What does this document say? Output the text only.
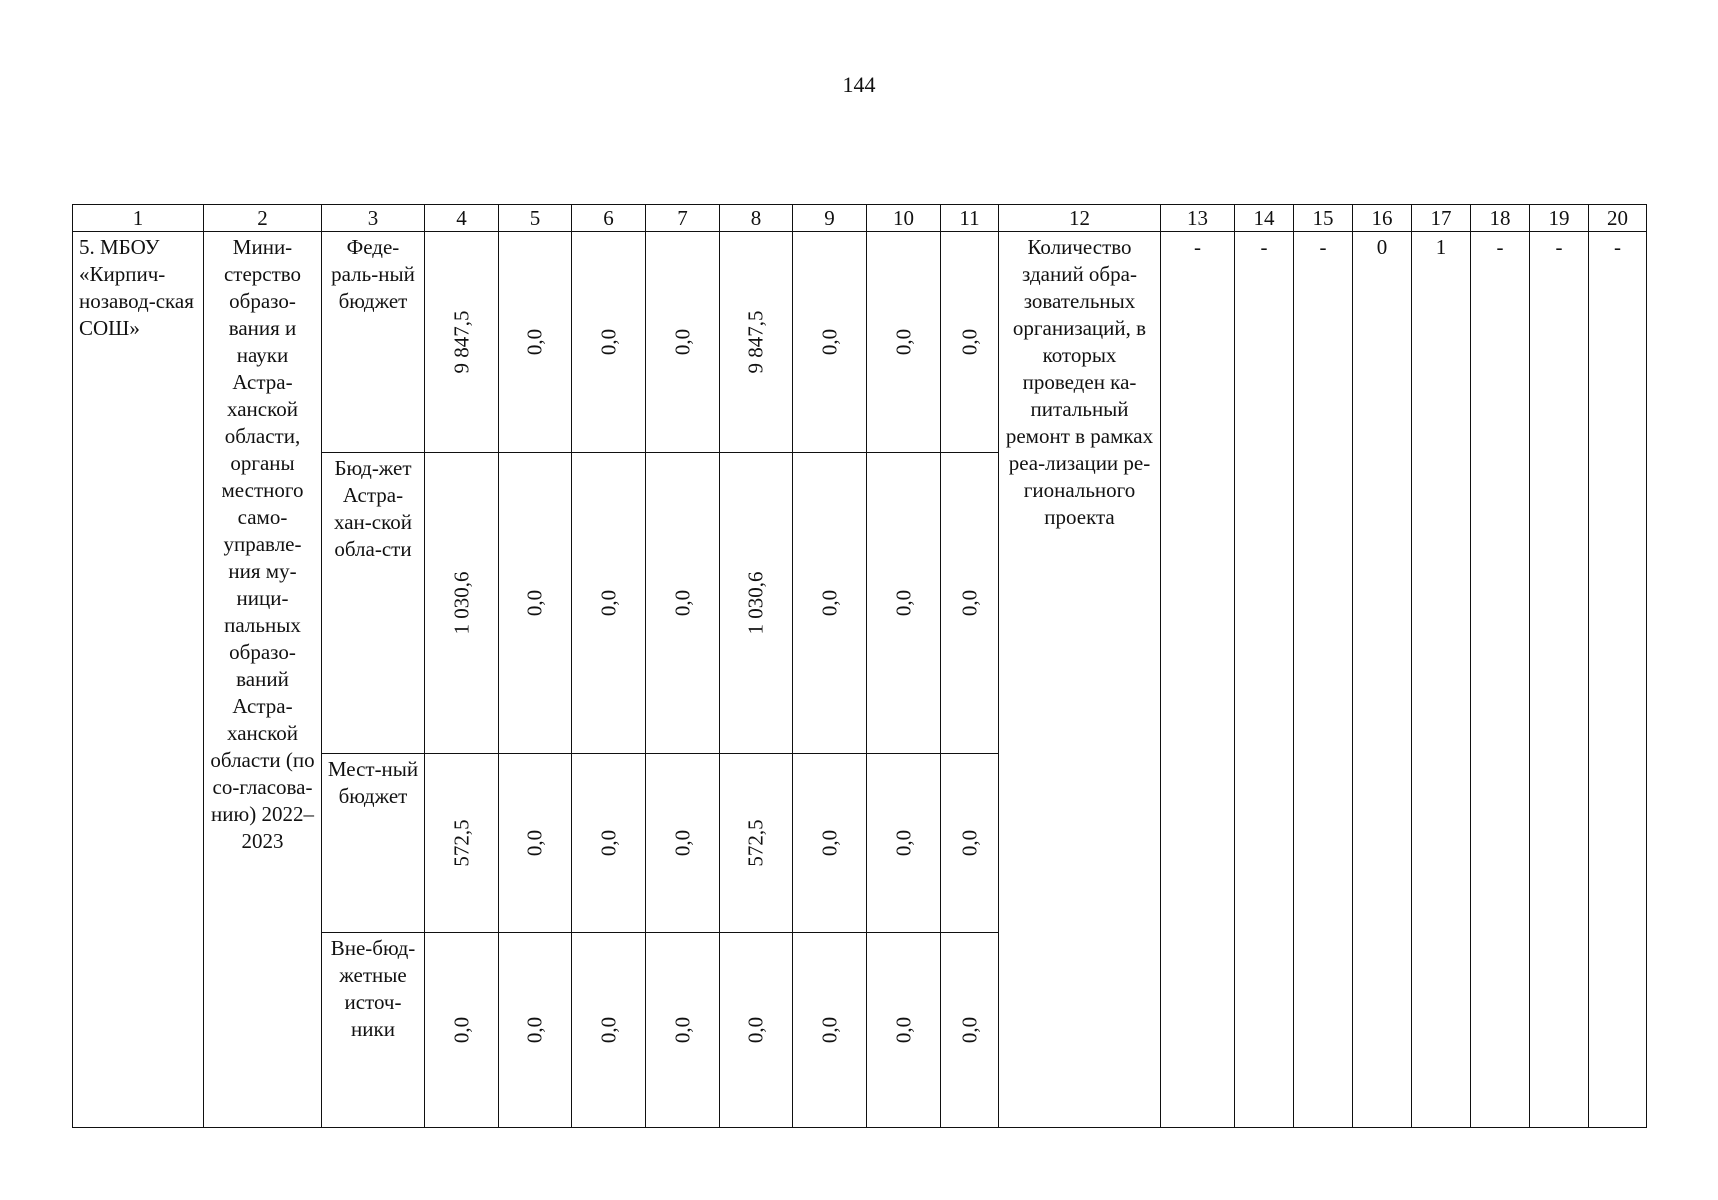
144
1	2	3	4	5	6	7	8	9	10	11	12	13	14	15	16	17	18	19	20
5. МБОУ «Кирпич-нозавод-ская СОШ»	Мини-стерство образо-вания и науки Астра-ханской области, органы местного само-управле-ния му-ници-пальных образо-ваний Астра-ханской области (по со-гласова-нию) 2022–2023	Феде-раль-ный бюджет	9 847,5	0,0	0,0	0,0	9 847,5	0,0	0,0	0,0	Количество зданий обра-зовательных организаций, в которых проведен ка-питальный ремонт в рамках реа-лизации ре-гионального проекта	-	-	-	0	1	-	-	-
		Бюд-жет Астра-хан-ской обла-сти	1 030,6	0,0	0,0	0,0	1 030,6	0,0	0,0	0,0									

		Мест-ный бюджет	572,5	0,0	0,0	0,0	572,5	0,0	0,0	0,0									

		Вне-бюд-жетные источ-ники	0,0	0,0	0,0	0,0	0,0	0,0	0,0	0,0									
